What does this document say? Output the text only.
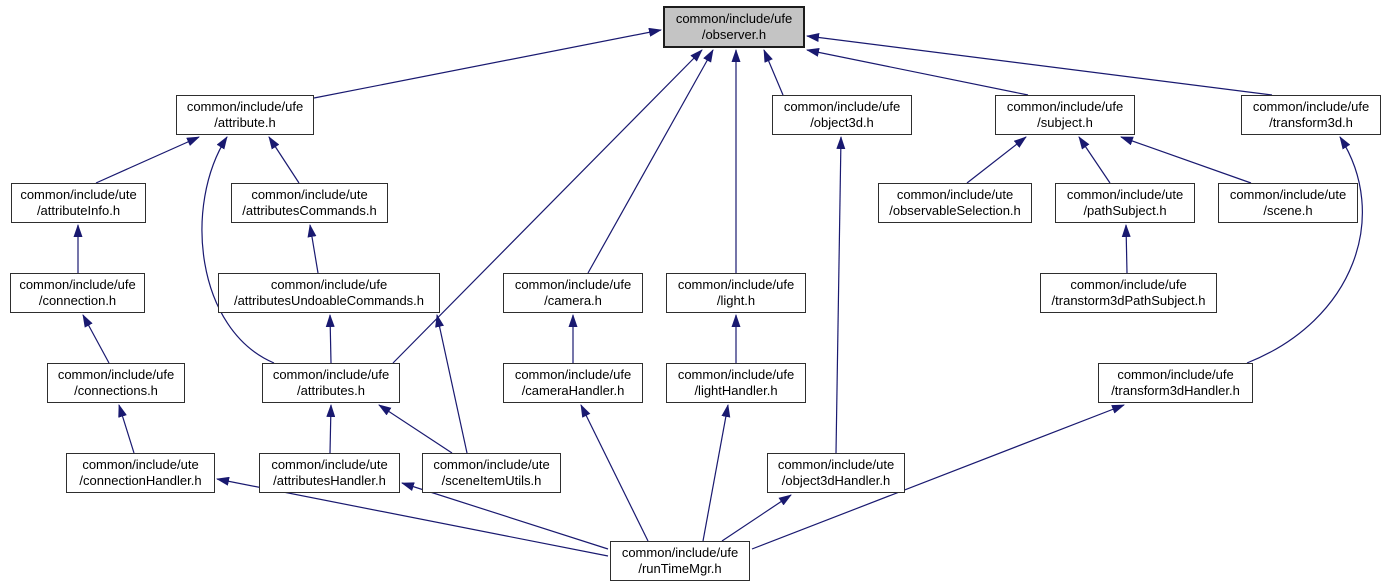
common/include/ufe
/observer.h
common/include/ufe
/attribute.h
common/include/ufe
/object3d.h
common/include/ufe
/subject.h
common/include/ufe
/transform3d.h
common/include/ute
/attributeInfo.h
common/include/ute
/attributesCommands.h
common/include/ute
/observableSelection.h
common/include/ute
/pathSubject.h
common/include/ute
/scene.h
common/include/ufe
/connection.h
common/include/ufe
/attributesUndoableCommands.h
common/include/ufe
/camera.h
common/include/ufe
/light.h
common/include/ufe
/transtorm3dPathSubject.h
common/include/ufe
/connections.h
common/include/ufe
/attributes.h
common/include/ufe
/cameraHandler.h
common/include/ufe
/lightHandler.h
common/include/ufe
/transform3dHandler.h
common/include/ute
/connectionHandler.h
common/include/ute
/attributesHandler.h
common/include/ute
/sceneItemUtils.h
common/include/ute
/object3dHandler.h
common/include/ufe
/runTimeMgr.h
